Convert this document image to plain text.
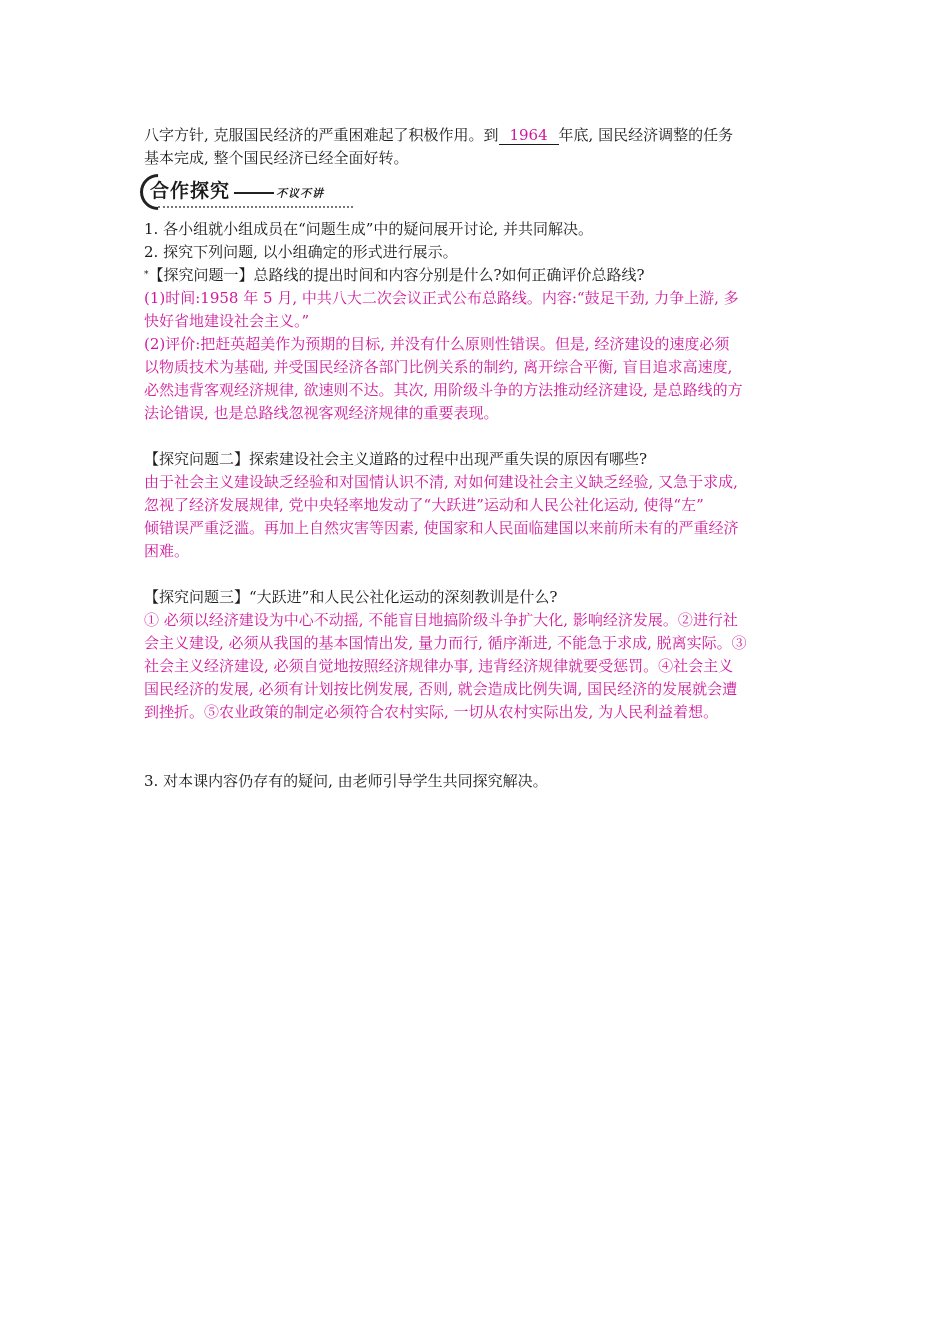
八字方针, 克服国民经济的严重困难起了积极作用。到 1964 年底, 国民经济调整的任务
基本完成, 整个国民经济已经全面好转。
合作探究	不议不讲
1. 各小组就小组成员在“问题生成”中的疑问展开讨论, 并共同解决。
2. 探究下列问题, 以小组确定的形式进行展示。
*【探究问题一】总路线的提出时间和内容分别是什么?如何正确评价总路线?
(1)时间:1958 年 5 月, 中共八大二次会议正式公布总路线。内容:“鼓足干劲, 力争上游, 多
快好省地建设社会主义。”
(2)评价:把赶英超美作为预期的目标, 并没有什么原则性错误。但是, 经济建设的速度必须
以物质技术为基础, 并受国民经济各部门比例关系的制约, 离开综合平衡, 盲目追求高速度,
必然违背客观经济规律, 欲速则不达。其次, 用阶级斗争的方法推动经济建设, 是总路线的方
法论错误, 也是总路线忽视客观经济规律的重要表现。
【探究问题二】探索建设社会主义道路的过程中出现严重失误的原因有哪些?
由于社会主义建设缺乏经验和对国情认识不清, 对如何建设社会主义缺乏经验, 又急于求成,
忽视了经济发展规律, 党中央轻率地发动了“大跃进”运动和人民公社化运动, 使得“左”
倾错误严重泛滥。再加上自然灾害等因素, 使国家和人民面临建国以来前所未有的严重经济
困难。
【探究问题三】“大跃进”和人民公社化运动的深刻教训是什么?
① 必须以经济建设为中心不动摇, 不能盲目地搞阶级斗争扩大化, 影响经济发展。②进行社
会主义建设, 必须从我国的基本国情出发, 量力而行, 循序渐进, 不能急于求成, 脱离实际。③
社会主义经济建设, 必须自觉地按照经济规律办事, 违背经济规律就要受惩罚。④社会主义
国民经济的发展, 必须有计划按比例发展, 否则, 就会造成比例失调, 国民经济的发展就会遭
到挫折。⑤农业政策的制定必须符合农村实际, 一切从农村实际出发, 为人民利益着想。
3. 对本课内容仍存有的疑问, 由老师引导学生共同探究解决。
